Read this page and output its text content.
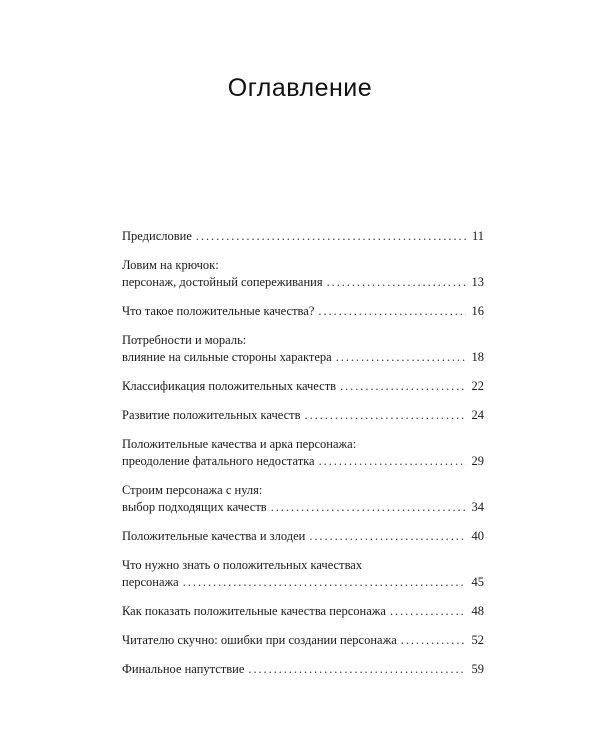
Оглавление
Предисловие . . .	11
Ловим на крючок:
персонаж, достойный сопереживания . . .	13
Что такое положительные качества? . . .	16
Потребности и мораль:
влияние на сильные стороны характера . . .	18
Классификация положительных качеств . . .	22
Развитие положительных качеств . . .	24
Положительные качества и арка персонажа:
преодоление фатального недостатка . . .	29
Строим персонажа с нуля:
выбор подходящих качеств . . .	34
Положительные качества и злодеи . . .	40
Что нужно знать о положительных качествах
персонажа . . .	45
Как показать положительные качества персонажа . . .	48
Читателю скучно: ошибки при создании персонажа . . .	52
Финальное напутствие . . .	59
